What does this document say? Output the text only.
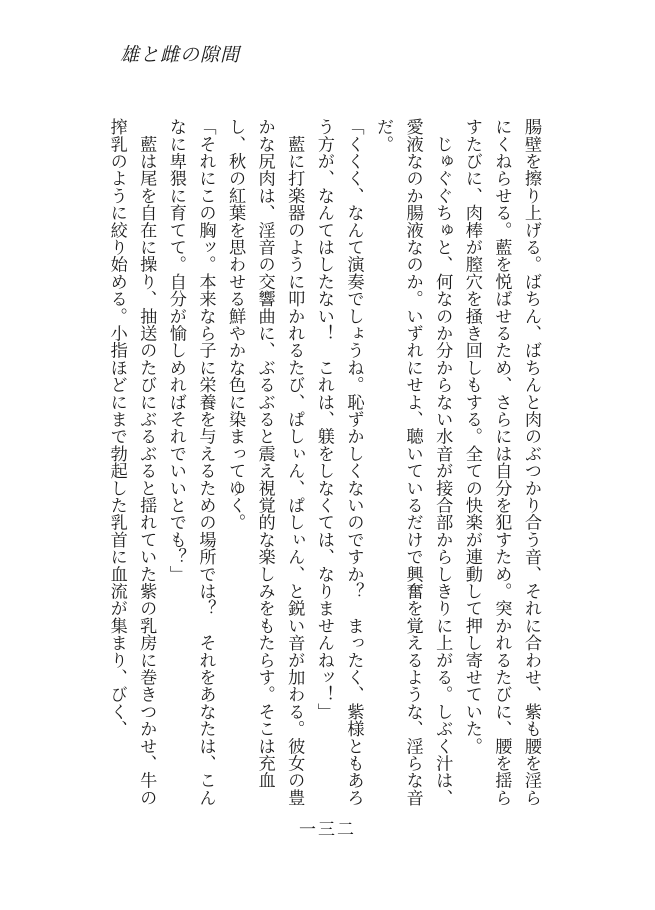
雄と雌の隙間

腸壁を擦り上げる。ばちん、ばちんと肉のぶつかり合う音、それに合わせ、紫も腰を淫らにくねらせる。藍を悦ばせるため、さらには自分を犯すため。突かれるたびに、腰を揺らすたびに、肉棒が膣穴を掻き回しもする。全ての快楽が連動して押し寄せていた。

　じゅぐぐちゅと、何なのか分からない水音が接合部からしきりに上がる。しぶく汁は、愛液なのか腸液なのか。いずれにせよ、聴いているだけで興奮を覚えるような、淫らな音だ。

「くくく、なんて演奏でしょうね。恥ずかしくないのですか？　まったく、紫様ともあろう方が、なんてはしたない！　これは、躾をしなくては、なりませんねッ！」

　藍に打楽器のように叩かれるたび、ぱしぃん、ぱしぃん、と鋭い音が加わる。彼女の豊かな尻肉は、淫音の交響曲に、ぶるぶると震え視覚的な楽しみをもたらす。そこは充血し、秋の紅葉を思わせる鮮やかな色に染まってゆく。

「それにこの胸ッ。本来なら子に栄養を与えるための場所では？　それをあなたは、こんなに卑猥に育てて。自分が愉しめればそれでいいとでも？」

　藍は尾を自在に操り、抽送のたびにぶるぶると揺れていた紫の乳房に巻きつかせ、牛の搾乳のように絞り始める。小指ほどにまで勃起した乳首に血流が集まり、びく、

一三二
